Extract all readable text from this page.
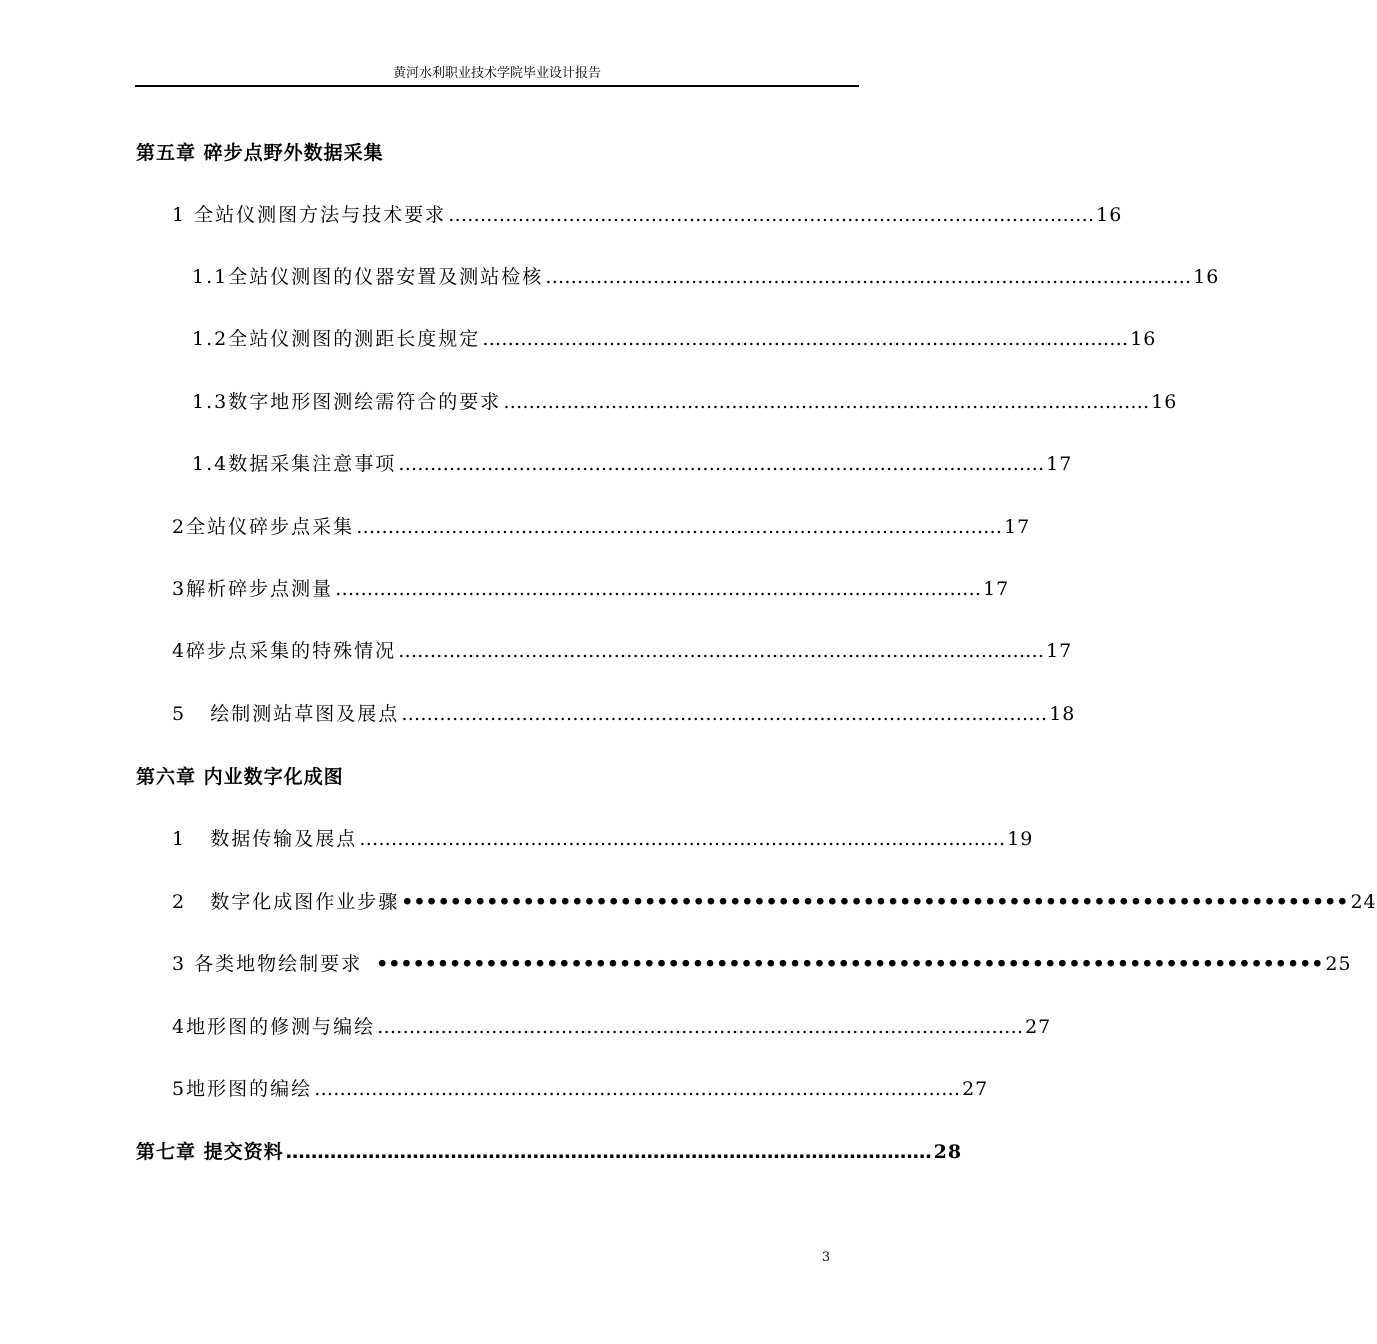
黄河水利职业技术学院毕业设计报告
第五章 碎步点野外数据采集
1 全站仪测图方法与技术要求 ………………………………………………………………………………………… 16
1.1全站仪测图的仪器安置及测站检核 ………………………………………………………………………………………… 16
1.2全站仪测图的测距长度规定 ………………………………………………………………………………………… 16
1.3数字地形图测绘需符合的要求 ………………………………………………………………………………………… 16
1.4数据采集注意事项 ………………………………………………………………………………………… 17
2全站仪碎步点采集 ………………………………………………………………………………………… 17
3解析碎步点测量 ………………………………………………………………………………………… 17
4碎步点采集的特殊情况 ………………………………………………………………………………………… 17
5   绘制测站草图及展点 ………………………………………………………………………………………… 18
第六章 内业数字化成图
1   数据传输及展点 ………………………………………………………………………………………… 19
2   数字化成图作业步骤 •••••••••••••••••••••••••••••••••••••••••••••••••••••••••••••••••••••••••••••• 24
3 各类地物绘制要求 •••••••••••••••••••••••••••••••••••••••••••••••••••••••••••••••••••••••••••••• 25
4地形图的修测与编绘 ………………………………………………………………………………………… 27
5地形图的编绘 ………………………………………………………………………………………… 27
第七章 提交资料 ………………………………………………………………………………………… 28
3
